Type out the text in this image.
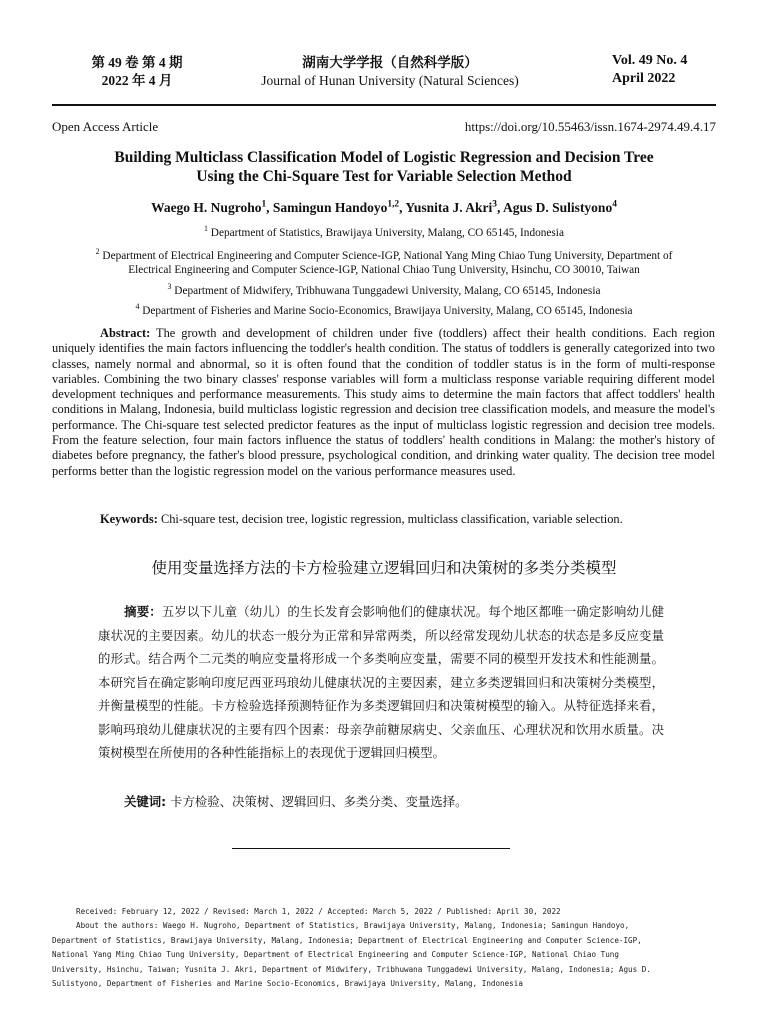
第 49 卷 第 4 期
2022 年 4 月
湖南大学学报（自然科学版）
Journal of Hunan University (Natural Sciences)
Vol. 49 No. 4
April 2022
Open Access Article	https://doi.org/10.55463/issn.1674-2974.49.4.17
Building Multiclass Classification Model of Logistic Regression and Decision Tree
Using the Chi-Square Test for Variable Selection Method
Waego H. Nugroho$^1$, Samingun Handoyo$^{1,2}$, Yusnita J. Akri$^3$, Agus D. Sulistyono$^4$
$^1$ Department of Statistics, Brawijaya University, Malang, CO 65145, Indonesia
$^2$ Department of Electrical Engineering and Computer Science-IGP, National Yang Ming Chiao Tung University, Department of
Electrical Engineering and Computer Science-IGP, National Chiao Tung University, Hsinchu, CO 30010, Taiwan
$^3$ Department of Midwifery, Tribhuwana Tunggadewi University, Malang, CO 65145, Indonesia
$^4$ Department of Fisheries and Marine Socio-Economics, Brawijaya University, Malang, CO 65145, Indonesia
Abstract: The growth and development of children under five (toddlers) affect their health conditions. Each region uniquely identifies the main factors influencing the toddler's health condition. The status of toddlers is generally categorized into two classes, namely normal and abnormal, so it is often found that the condition of toddler status is in the form of multi-response variables. Combining the two binary classes' response variables will form a multiclass response variable requiring different model development techniques and performance measurements. This study aims to determine the main factors that affect toddlers' health conditions in Malang, Indonesia, build multiclass logistic regression and decision tree classification models, and measure the model's performance. The Chi-square test selected predictor features as the input of multiclass logistic regression and decision tree models. From the feature selection, four main factors influence the status of toddlers' health conditions in Malang: the mother's history of diabetes before pregnancy, the father's blood pressure, psychological condition, and drinking water quality. The decision tree model performs better than the logistic regression model on the various performance measures used.
Keywords: Chi-square test, decision tree, logistic regression, multiclass classification, variable selection.
使用变量选择方法的卡方检验建立逻辑回归和决策树的多类分类模型
摘要：五岁以下儿童（幼儿）的生长发育会影响他们的健康状况。每个地区都唯一确定影响幼儿健康状况的主要因素。幼儿的状态一般分为正常和异常两类，所以经常发现幼儿状态的状态是多反应变量的形式。结合两个二元类的响应变量将形成一个多类响应变量，需要不同的模型开发技术和性能测量。本研究旨在确定影响印度尼西亚玛琅幼儿健康状况的主要因素，建立多类逻辑回归和决策树分类模型，并衡量模型的性能。卡方检验选择预测特征作为多类逻辑回归和决策树模型的输入。从特征选择来看，影响玛琅幼儿健康状况的主要有四个因素：母亲孕前糖尿病史、父亲血压、心理状况和饮用水质量。决策树模型在所使用的各种性能指标上的表现优于逻辑回归模型。
关键词: 卡方检验、决策树、逻辑回归、多类分类、变量选择。
Received: February 12, 2022 / Revised: March 1, 2022 / Accepted: March 5, 2022 / Published: April 30, 2022
About the authors: Waego H. Nugroho, Department of Statistics, Brawijaya University, Malang, Indonesia; Samingun Handoyo,
Department of Statistics, Brawijaya University, Malang, Indonesia; Department of Electrical Engineering and Computer Science-IGP,
National Yang Ming Chiao Tung University, Department of Electrical Engineering and Computer Science-IGP, National Chiao Tung
University, Hsinchu, Taiwan; Yusnita J. Akri, Department of Midwifery, Tribhuwana Tunggadewi University, Malang, Indonesia; Agus D.
Sulistyono, Department of Fisheries and Marine Socio-Economics, Brawijaya University, Malang, Indonesia
